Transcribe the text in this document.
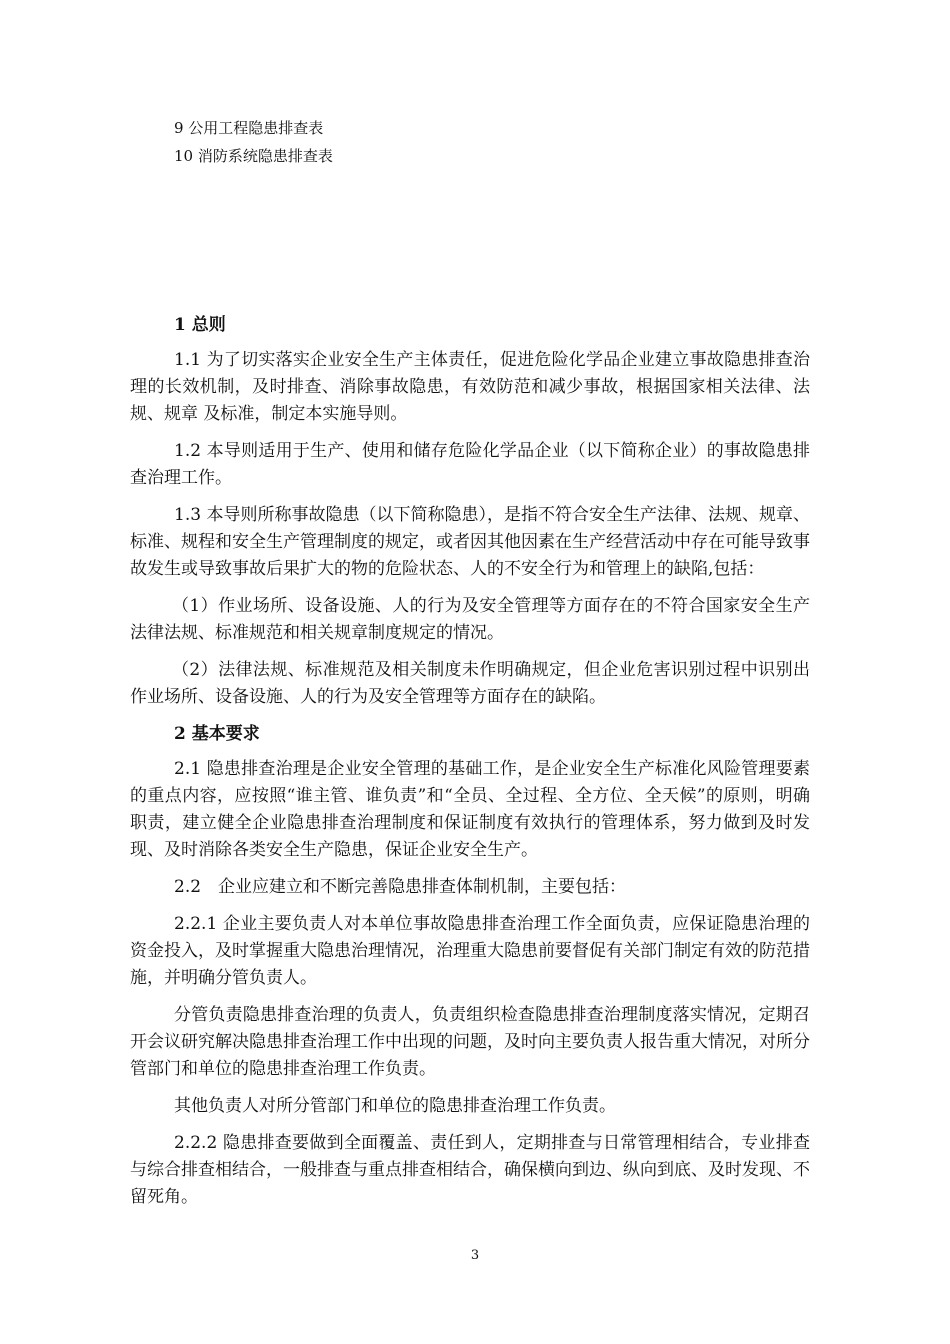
9 公用工程隐患排查表
10 消防系统隐患排查表
1 总则
1.1 为了切实落实企业安全生产主体责任，促进危险化学品企业建立事故隐患排查治理的长效机制，及时排查、消除事故隐患，有效防范和减少事故，根据国家相关法律、法规、规章 及标准，制定本实施导则。
1.2 本导则适用于生产、使用和储存危险化学品企业（以下简称企业）的事故隐患排查治理工作。
1.3 本导则所称事故隐患（以下简称隐患），是指不符合安全生产法律、法规、规章、标准、规程和安全生产管理制度的规定，或者因其他因素在生产经营活动中存在可能导致事故发生或导致事故后果扩大的物的危险状态、人的不安全行为和管理上的缺陷,包括：
（1）作业场所、设备设施、人的行为及安全管理等方面存在的不符合国家安全生产法律法规、标准规范和相关规章制度规定的情况。
（2）法律法规、标准规范及相关制度未作明确规定，但企业危害识别过程中识别出作业场所、设备设施、人的行为及安全管理等方面存在的缺陷。
2 基本要求
2.1 隐患排查治理是企业安全管理的基础工作，是企业安全生产标准化风险管理要素的重点内容，应按照“谁主管、谁负责”和“全员、全过程、全方位、全天候”的原则，明确职责，建立健全企业隐患排查治理制度和保证制度有效执行的管理体系，努力做到及时发现、及时消除各类安全生产隐患，保证企业安全生产。
2.2　企业应建立和不断完善隐患排查体制机制，主要包括：
2.2.1 企业主要负责人对本单位事故隐患排查治理工作全面负责，应保证隐患治理的资金投入，及时掌握重大隐患治理情况，治理重大隐患前要督促有关部门制定有效的防范措施，并明确分管负责人。
分管负责隐患排查治理的负责人，负责组织检查隐患排查治理制度落实情况，定期召开会议研究解决隐患排查治理工作中出现的问题，及时向主要负责人报告重大情况，对所分管部门和单位的隐患排查治理工作负责。
其他负责人对所分管部门和单位的隐患排查治理工作负责。
2.2.2 隐患排查要做到全面覆盖、责任到人，定期排查与日常管理相结合，专业排查与综合排查相结合，一般排查与重点排查相结合，确保横向到边、纵向到底、及时发现、不留死角。
3
